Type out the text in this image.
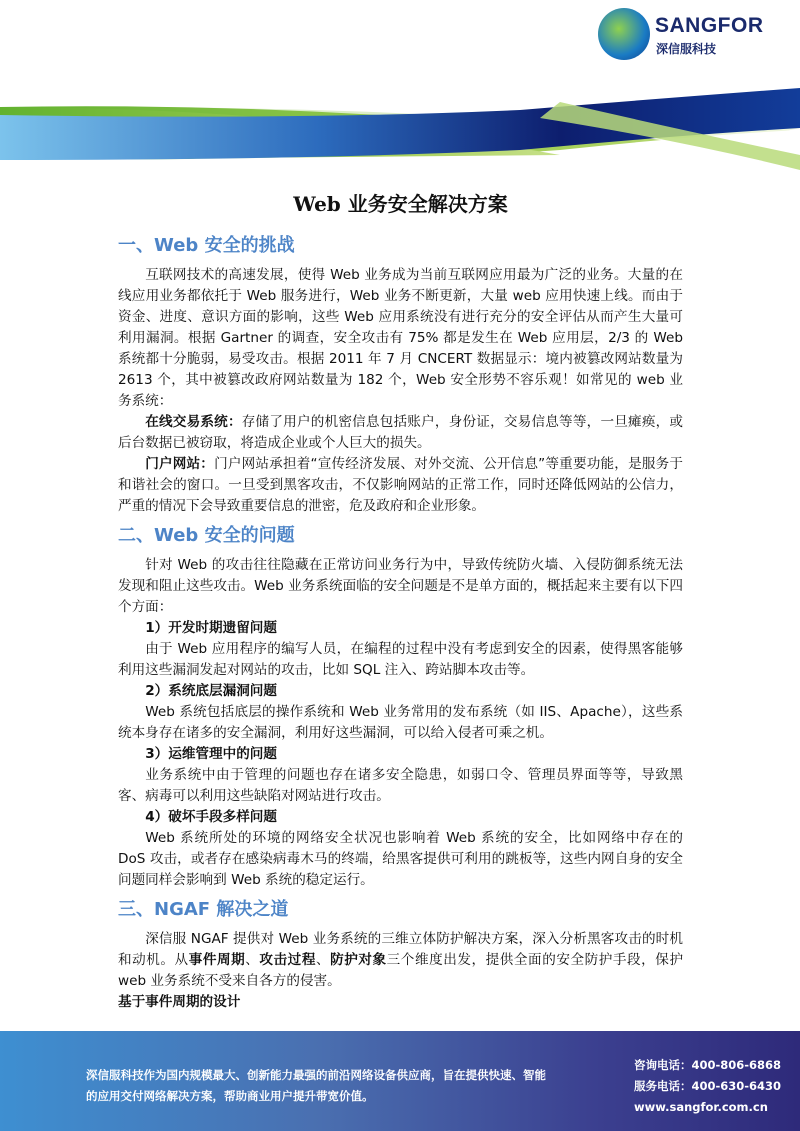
SANGFOR
深信服科技
Web 业务安全解决方案
一、Web 安全的挑战

互联网技术的高速发展，使得 Web 业务成为当前互联网应用最为广泛的业务。大量的在线应用业务都依托于 Web 服务进行，Web 业务不断更新，大量 web 应用快速上线。而由于资金、进度、意识方面的影响，这些 Web 应用系统没有进行充分的安全评估从而产生大量可利用漏洞。根据 Gartner 的调查，安全攻击有 75% 都是发生在 Web 应用层，2/3 的 Web 系统都十分脆弱，易受攻击。根据 2011 年 7 月 CNCERT 数据显示：境内被篡改网站数量为 2613 个，其中被篡改政府网站数量为 182 个，Web 安全形势不容乐观！如常见的 web 业务系统：

在线交易系统：存储了用户的机密信息包括账户，身份证，交易信息等等，一旦瘫痪，或后台数据已被窃取，将造成企业或个人巨大的损失。

门户网站：门户网站承担着“宣传经济发展、对外交流、公开信息”等重要功能，是服务于和谐社会的窗口。一旦受到黑客攻击，不仅影响网站的正常工作，同时还降低网站的公信力，严重的情况下会导致重要信息的泄密，危及政府和企业形象。

二、Web 安全的问题

针对 Web 的攻击往往隐藏在正常访问业务行为中，导致传统防火墙、入侵防御系统无法发现和阻止这些攻击。Web 业务系统面临的安全问题是不是单方面的，概括起来主要有以下四个方面：

1）开发时期遗留问题

由于 Web 应用程序的编写人员，在编程的过程中没有考虑到安全的因素，使得黑客能够利用这些漏洞发起对网站的攻击，比如 SQL 注入、跨站脚本攻击等。

2）系统底层漏洞问题

Web 系统包括底层的操作系统和 Web 业务常用的发布系统（如 IIS、Apache），这些系统本身存在诸多的安全漏洞，利用好这些漏洞，可以给入侵者可乘之机。

3）运维管理中的问题

业务系统中由于管理的问题也存在诸多安全隐患，如弱口令、管理员界面等等，导致黑客、病毒可以利用这些缺陷对网站进行攻击。

4）破坏手段多样问题

Web 系统所处的环境的网络安全状况也影响着 Web 系统的安全，比如网络中存在的 DoS 攻击，或者存在感染病毒木马的终端，给黑客提供可利用的跳板等，这些内网自身的安全问题同样会影响到 Web 系统的稳定运行。

三、NGAF 解决之道

深信服 NGAF 提供对 Web 业务系统的三维立体防护解决方案，深入分析黑客攻击的时机和动机。从事件周期、攻击过程、防护对象三个维度出发，提供全面的安全防护手段，保护 web 业务系统不受来自各方的侵害。

基于事件周期的设计

深信服科技作为国内规模最大、创新能力最强的前沿网络设备供应商，旨在提供快速、智能
的应用交付网络解决方案，帮助商业用户提升带宽价值。
咨询电话：400-806-6868
服务电话：400-630-6430
www.sangfor.com.cn
